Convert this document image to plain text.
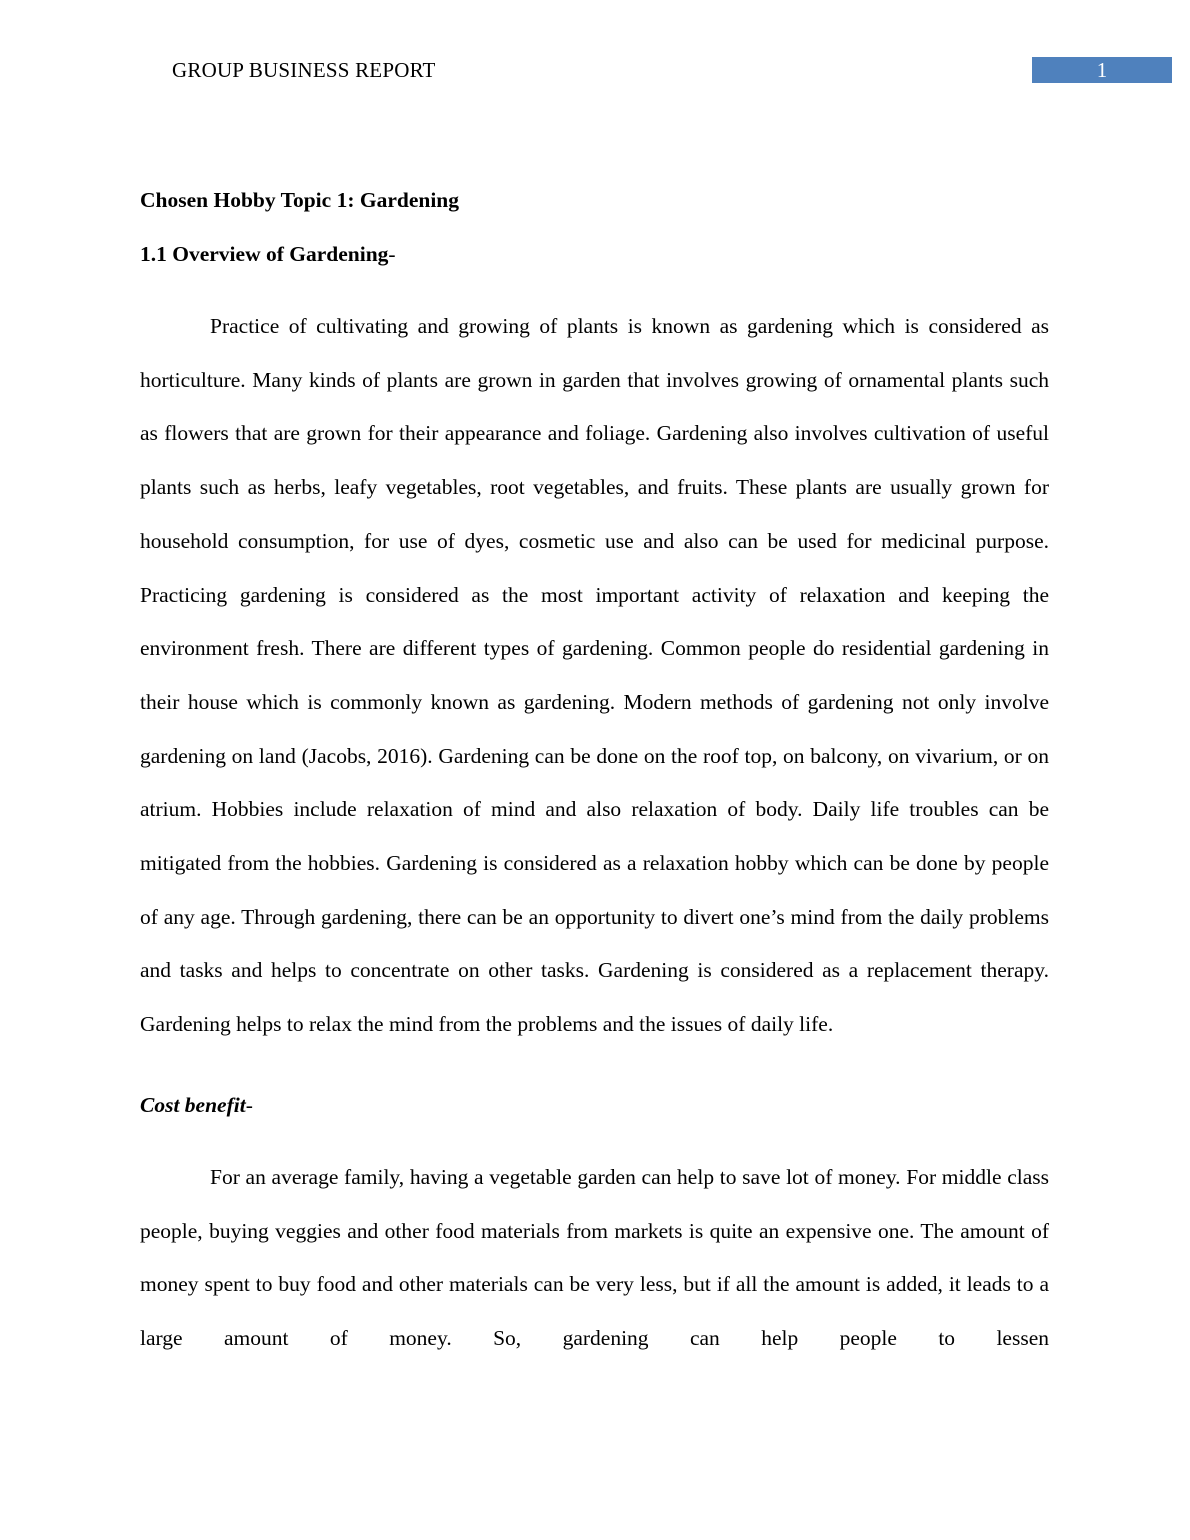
GROUP BUSINESS REPORT	1

Chosen Hobby Topic 1: Gardening

1.1 Overview of Gardening-

Practice of cultivating and growing of plants is known as gardening which is considered as horticulture. Many kinds of plants are grown in garden that involves growing of ornamental plants such as flowers that are grown for their appearance and foliage. Gardening also involves cultivation of useful plants such as herbs, leafy vegetables, root vegetables, and fruits. These plants are usually grown for household consumption, for use of dyes, cosmetic use and also can be used for medicinal purpose. Practicing gardening is considered as the most important activity of relaxation and keeping the environment fresh. There are different types of gardening. Common people do residential gardening in their house which is commonly known as gardening. Modern methods of gardening not only involve gardening on land (Jacobs, 2016). Gardening can be done on the roof top, on balcony, on vivarium, or on atrium. Hobbies include relaxation of mind and also relaxation of body. Daily life troubles can be mitigated from the hobbies. Gardening is considered as a relaxation hobby which can be done by people of any age. Through gardening, there can be an opportunity to divert one’s mind from the daily problems and tasks and helps to concentrate on other tasks. Gardening is considered as a replacement therapy. Gardening helps to relax the mind from the problems and the issues of daily life.

Cost benefit-

For an average family, having a vegetable garden can help to save lot of money. For middle class people, buying veggies and other food materials from markets is quite an expensive one. The amount of money spent to buy food and other materials can be very less, but if all the amount is added, it leads to a large amount of money. So, gardening can help people to lessen
